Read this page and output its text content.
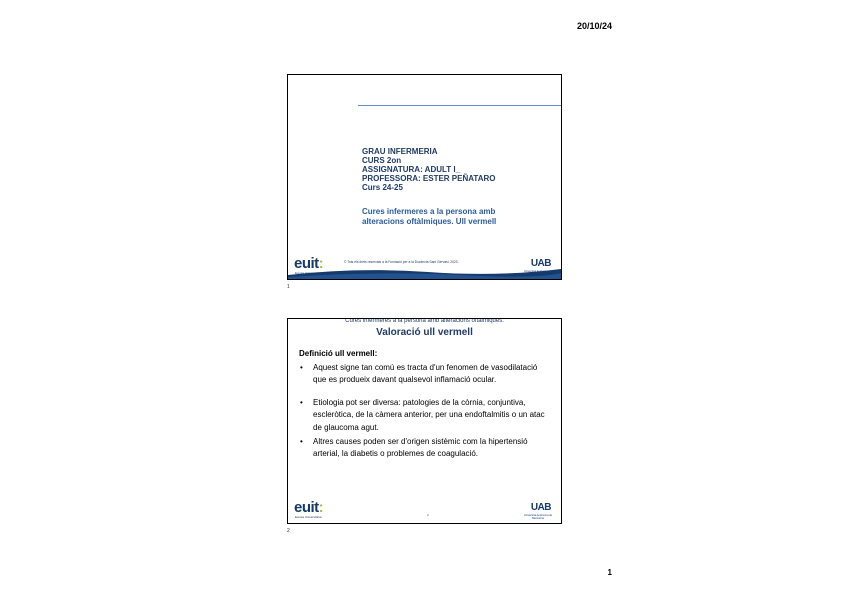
20/10/24
GRAU INFERMERIA
CURS 2on
ASSIGNATURA: ADULT I_
PROFESSORA: ESTER PEÑATARO
Curs 24-25
Cures infermeres a la persona amb
alteracions oftàlmiques. Ull vermell
euit:
Escola Universitària
© Tots els drets reservats a la Fundació per a la Docència Sant Gervasi, 2023.	UAB
Universitat Autònoma de Barcelona
1
Cures infermeres a la persona amb alteracions oftàlmiques.
Valoració ull vermell
Definició ull vermell:
• Aquest signe tan comú es tracta d'un fenomen de vasodilatació que es produeix davant qualsevol inflamació ocular.
• Etiologia pot ser diversa: patologies de la còrnia, conjuntiva, escleròtica, de la càmera anterior, per una endoftalmitis o un atac de glaucoma agut.
• Altres causes poden ser d'origen sistèmic com la hipertensió arterial, la diabetis o problemes de coagulació.
euit:
Escola Universitària	2
UAB
Universitat Autònoma de Barcelona
2
1
